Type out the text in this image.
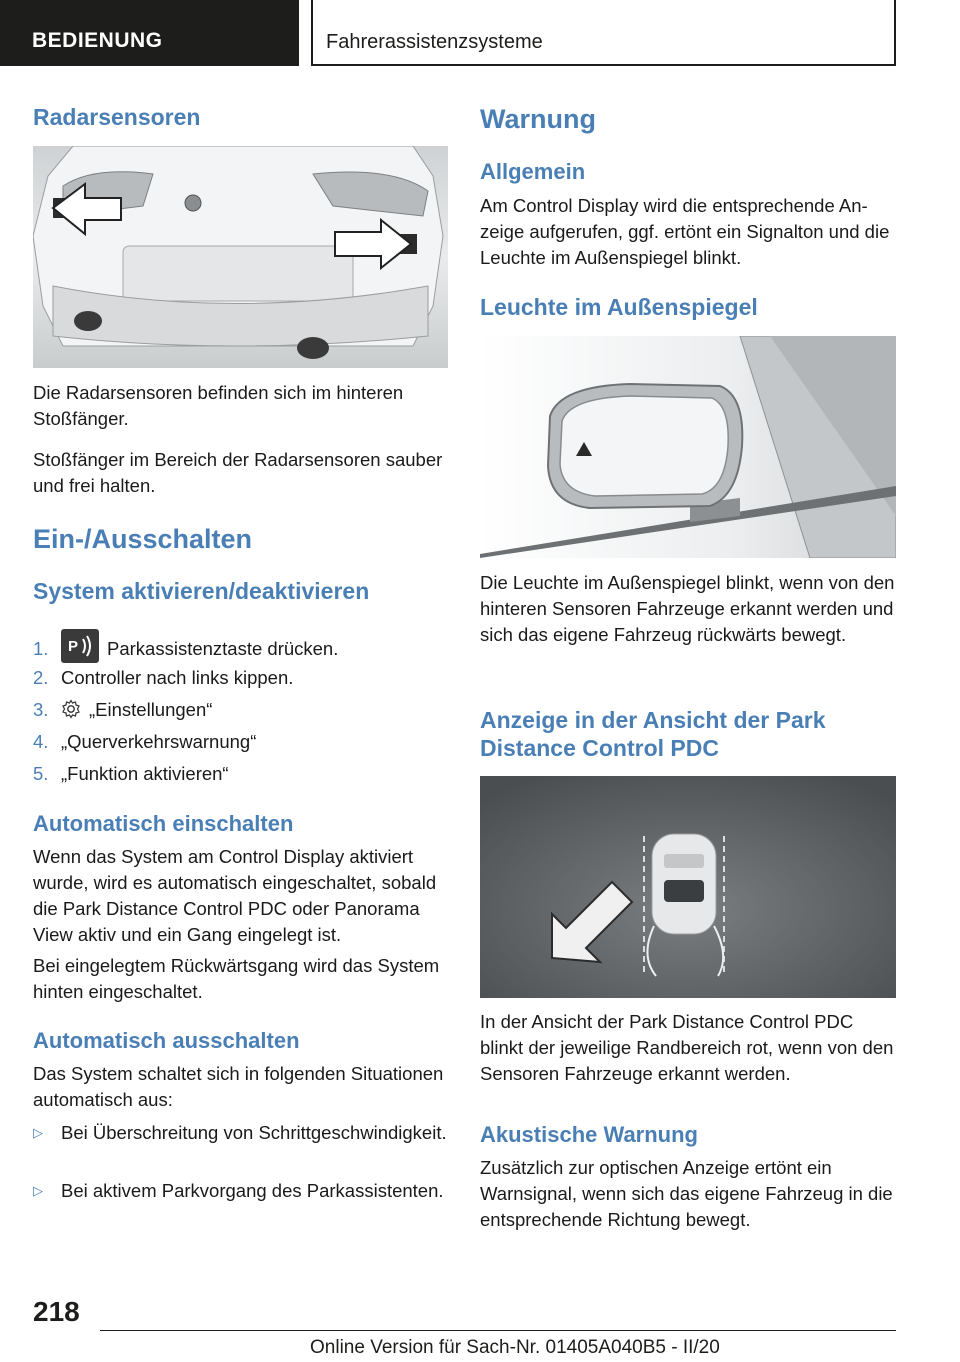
BEDIENUNG	Fahrerassistenzsysteme
Radarsensoren
Die Radarsensoren befinden sich im hinteren Stoßfänger.
Stoßfänger im Bereich der Radarsensoren sauber und frei halten.
Ein-/Ausschalten
System aktivieren/deaktivieren
1. P Parkassistenztaste drücken.
2. Controller nach links kippen.
3. „Einstellungen“
4. „Querverkehrswarnung“
5. „Funktion aktivieren“
Automatisch einschalten
Wenn das System am Control Display aktiviert wurde, wird es automatisch eingeschaltet, sobald die Park Distance Control PDC oder Panorama View aktiv und ein Gang eingelegt ist.
Bei eingelegtem Rückwärtsgang wird das System hinten eingeschaltet.
Automatisch ausschalten
Das System schaltet sich in folgenden Situationen automatisch aus:
▷ Bei Überschreitung von Schrittgeschwindigkeit.
▷ Bei aktivem Parkvorgang des Parkassistenten.
Warnung
Allgemein
Am Control Display wird die entsprechende Anzeige aufgerufen, ggf. ertönt ein Signalton und die Leuchte im Außenspiegel blinkt.
Leuchte im Außenspiegel
Die Leuchte im Außenspiegel blinkt, wenn von den hinteren Sensoren Fahrzeuge erkannt werden und sich das eigene Fahrzeug rückwärts bewegt.
Anzeige in der Ansicht der Park
Distance Control PDC
In der Ansicht der Park Distance Control PDC blinkt der jeweilige Randbereich rot, wenn von den Sensoren Fahrzeuge erkannt werden.
Akustische Warnung
Zusätzlich zur optischen Anzeige ertönt ein Warnsignal, wenn sich das eigene Fahrzeug in die entsprechende Richtung bewegt.
218
Online Version für Sach-Nr. 01405A040B5 - II/20
